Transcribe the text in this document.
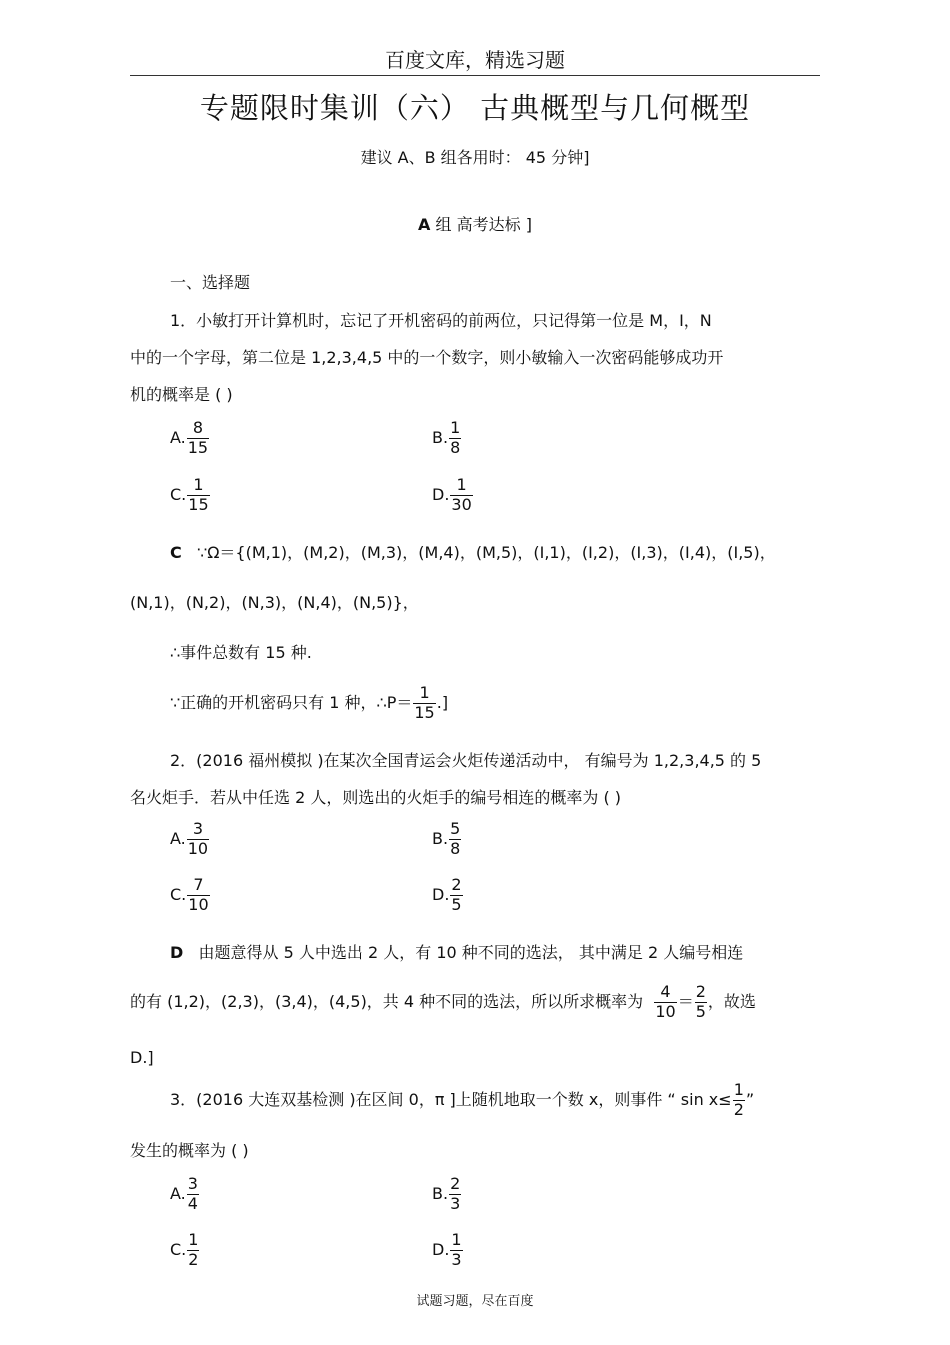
百度文库，精选习题
专题限时集训（六） 古典概型与几何概型
建议 A、B 组各用时： 45 分钟]
A 组 高考达标 ]
一、选择题
1．小敏打开计算机时，忘记了开机密码的前两位，只记得第一位是 M，I，N
中的一个字母，第二位是 1,2,3,4,5 中的一个数字，则小敏输入一次密码能够成功开
机的概率是 ( )
A. $\frac{8}{15}$	B. $\frac{1}{8}$
C. $\frac{1}{15}$	D. $\frac{1}{30}$
C ∵Ω＝{(M,1)，(M,2)，(M,3)，(M,4)，(M,5)，(I,1)，(I,2)，(I,3)，(I,4)，(I,5)，
(N,1)，(N,2)，(N,3)，(N,4)，(N,5)}，
∴事件总数有 15 种.
∵正确的开机密码只有 1 种，∴P＝ $\frac{1}{15}$ .]
2．(2016 福州模拟 )在某次全国青运会火炬传递活动中， 有编号为 1,2,3,4,5 的 5
名火炬手．若从中任选 2 人，则选出的火炬手的编号相连的概率为 ( )
A. $\frac{3}{10}$	B. $\frac{5}{8}$
C. $\frac{7}{10}$	D. $\frac{2}{5}$
D 由题意得从 5 人中选出 2 人，有 10 种不同的选法， 其中满足 2 人编号相连
的有 (1,2)，(2,3)，(3,4)，(4,5)，共 4 种不同的选法，所以所求概率为 $\frac{4}{10} = \frac{2}{5}$ ，故选
D.]
3．(2016 大连双基检测 )在区间 0，π ]上随机地取一个数 x，则事件 “ $\sin x\le \frac{1}{2}$ ”
发生的概率为 ( )
A. $\frac{3}{4}$	B. $\frac{2}{3}$
C. $\frac{1}{2}$	D. $\frac{1}{3}$
试题习题，尽在百度
